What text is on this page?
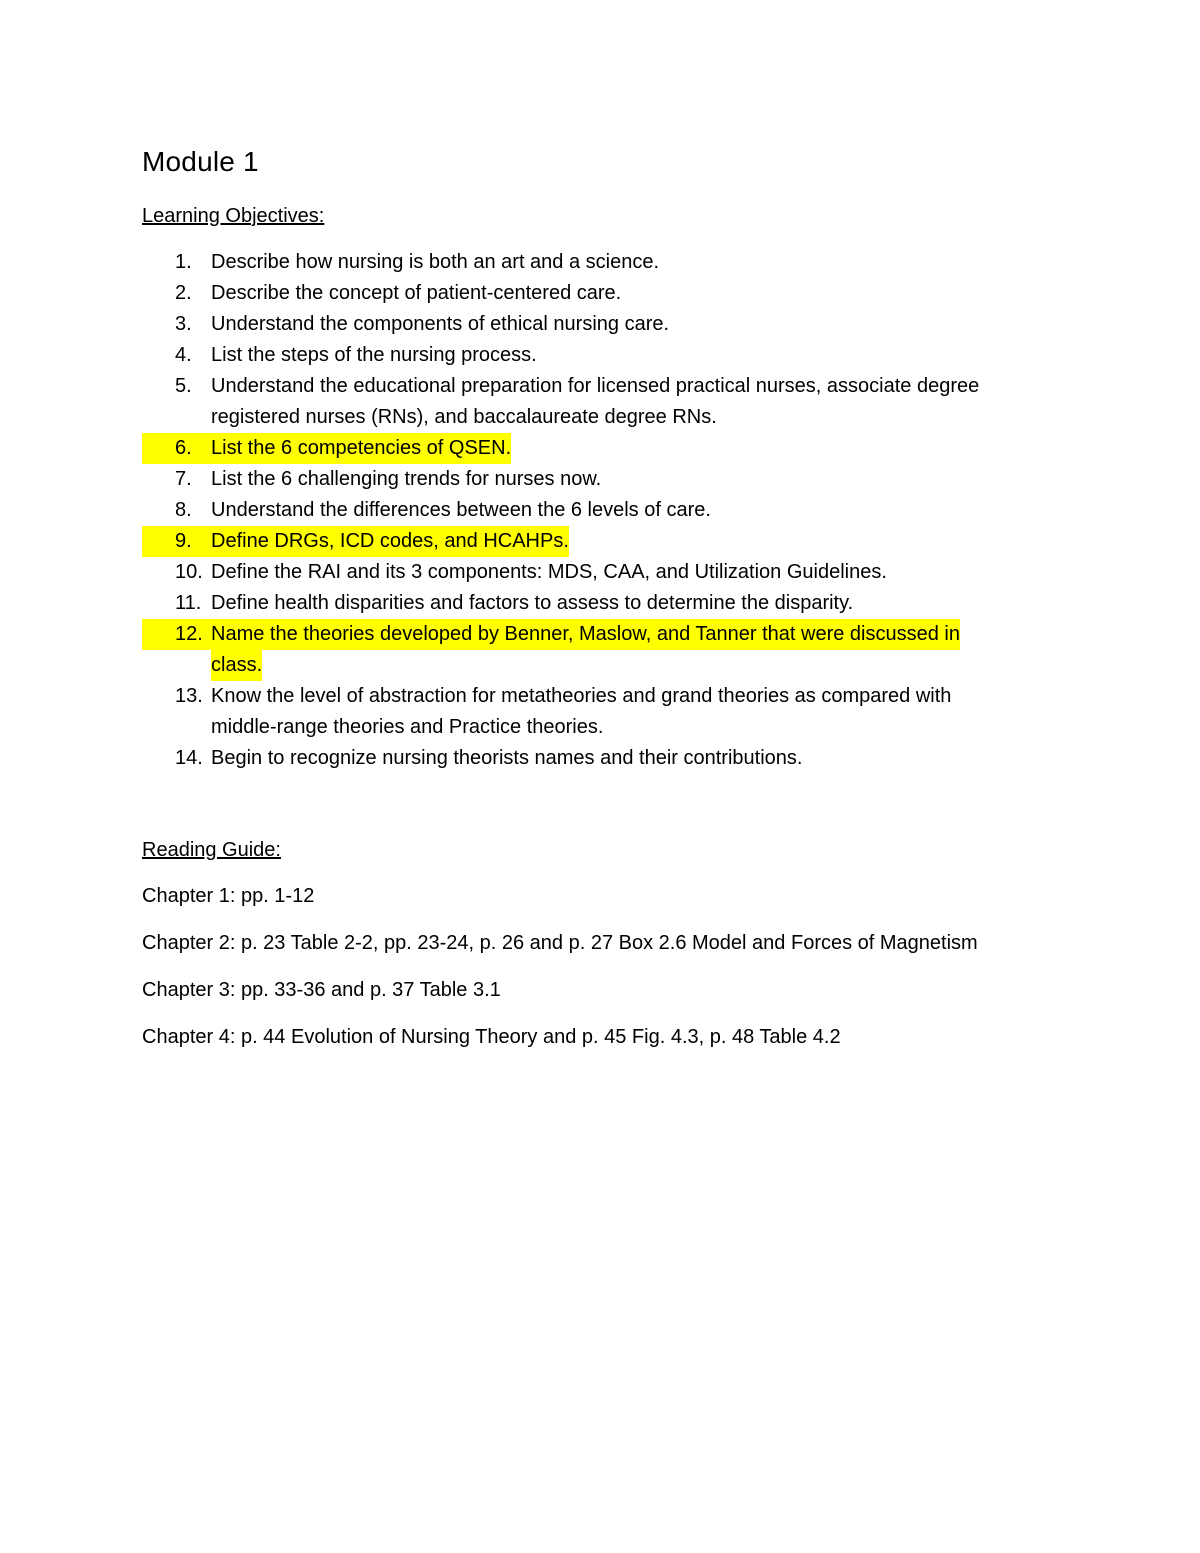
Module 1
Learning Objectives:
1. Describe how nursing is both an art and a science.
2. Describe the concept of patient-centered care.
3. Understand the components of ethical nursing care.
4. List the steps of the nursing process.
5. Understand the educational preparation for licensed practical nurses, associate degree
registered nurses (RNs), and baccalaureate degree RNs.
6. List the 6 competencies of QSEN.
7. List the 6 challenging trends for nurses now.
8. Understand the differences between the 6 levels of care.
9. Define DRGs, ICD codes, and HCAHPs.
10. Define the RAI and its 3 components: MDS, CAA, and Utilization Guidelines.
11. Define health disparities and factors to assess to determine the disparity.
12. Name the theories developed by Benner, Maslow, and Tanner that were discussed in
class.
13. Know the level of abstraction for metatheories and grand theories as compared with
middle-range theories and Practice theories.
14. Begin to recognize nursing theorists names and their contributions.
Reading Guide:
Chapter 1: pp. 1-12
Chapter 2: p. 23 Table 2-2, pp. 23-24, p. 26 and p. 27 Box 2.6 Model and Forces of Magnetism
Chapter 3: pp. 33-36 and p. 37 Table 3.1
Chapter 4: p. 44 Evolution of Nursing Theory and p. 45 Fig. 4.3, p. 48 Table 4.2
